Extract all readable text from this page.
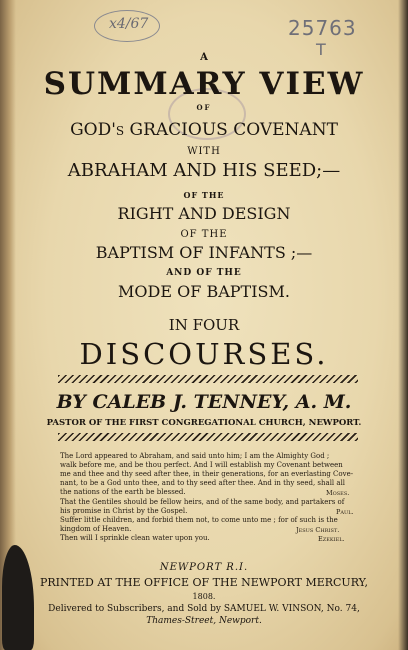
x4/67	25763
T

A

SUMMARY VIEW

OF

GOD's GRACIOUS COVENANT

WITH

ABRAHAM AND HIS SEED;—

OF THE

RIGHT AND DESIGN

OF THE

BAPTISM OF INFANTS ;—

AND OF THE

MODE OF BAPTISM.

IN FOUR

DISCOURSES.

BY CALEB J. TENNEY, A. M.

PASTOR OF THE FIRST CONGREGATIONAL CHURCH, NEWPORT.

The Lord appeared to Abraham, and said unto him; I am the Almighty God ;
walk before me, and be thou perfect. And I will establish my Covenant between
me and thee and thy seed after thee, in their generations, for an everlasting Cove-
nant, to be a God unto thee, and to thy seed after thee. And in thy seed, shall all
the nations of the earth be blessed.	Moses.
That the Gentiles should be fellow heirs, and of the same body, and partakers of
his promise in Christ by the Gospel.	Paul.
Suffer little children, and forbid them not, to come unto me ; for of such is the
kingdom of Heaven.	Jesus Christ.
Then will I sprinkle clean water upon you.	Ezekiel.

NEWPORT R.I.

PRINTED AT THE OFFICE OF THE NEWPORT MERCURY,

1808.

Delivered to Subscribers, and Sold by SAMUEL W. VINSON, No. 74,

Thames-Street, Newport.
